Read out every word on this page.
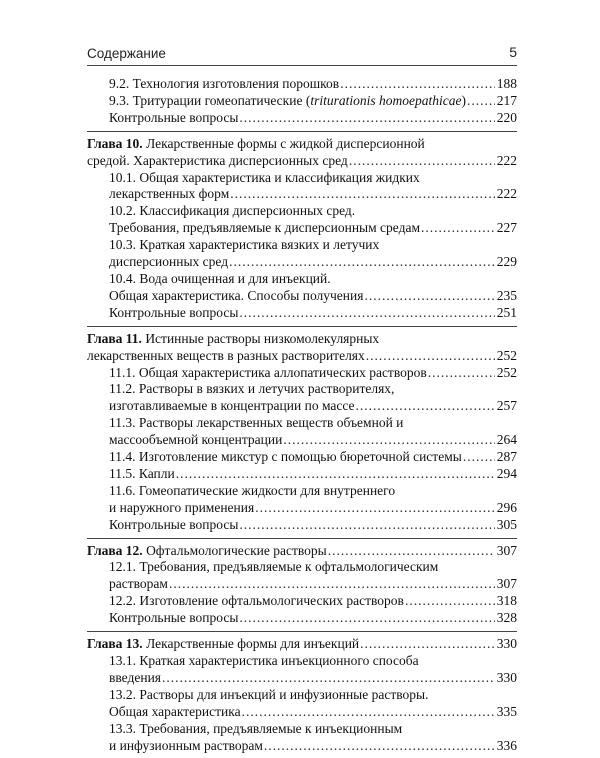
Содержание	5
9.2. Технология изготовления порошков .....	188
9.3. Тритурации гомеопатические (triturationis homoеpathicae) ..... 217
Контрольные вопросы .....	220
Глава 10. Лекарственные формы с жидкой дисперсионной
средой. Характеристика дисперсионных сред .....	222
10.1. Общая характеристика и классификация жидких
лекарственных форм .....	222
10.2. Классификация дисперсионных сред.
Требования, предъявляемые к дисперсионным средам .....	227
10.3. Краткая характеристика вязких и летучих
дисперсионных сред .....	229
10.4. Вода очищенная и для инъекций.
Общая характеристика. Способы получения .....	235
Контрольные вопросы .....	251
Глава 11. Истинные растворы низкомолекулярных
лекарственных веществ в разных растворителях .....	252
11.1. Общая характеристика аллопатических растворов .....	252
11.2. Растворы в вязких и летучих растворителях,
изготавливаемые в концентрации по массе .....	257
11.3. Растворы лекарственных веществ объемной и
массообъемной концентрации .....	264
11.4. Изготовление микстур с помощью бюреточной системы .....	287
11.5. Капли .....	294
11.6. Гомеопатические жидкости для внутреннего
и наружного применения .....	296
Контрольные вопросы .....	305
Глава 12. Офтальмологические растворы .....	307
12.1. Требования, предъявляемые к офтальмологическим
растворам .....	307
12.2. Изготовление офтальмологических растворов .....	318
Контрольные вопросы .....	328
Глава 13. Лекарственные формы для инъекций .....	330
13.1. Краткая характеристика инъекционного способа
введения .....	330
13.2. Растворы для инъекций и инфузионные растворы.
Общая характеристика .....	335
13.3. Требования, предъявляемые к инъекционным
и инфузионным растворам .....	336
